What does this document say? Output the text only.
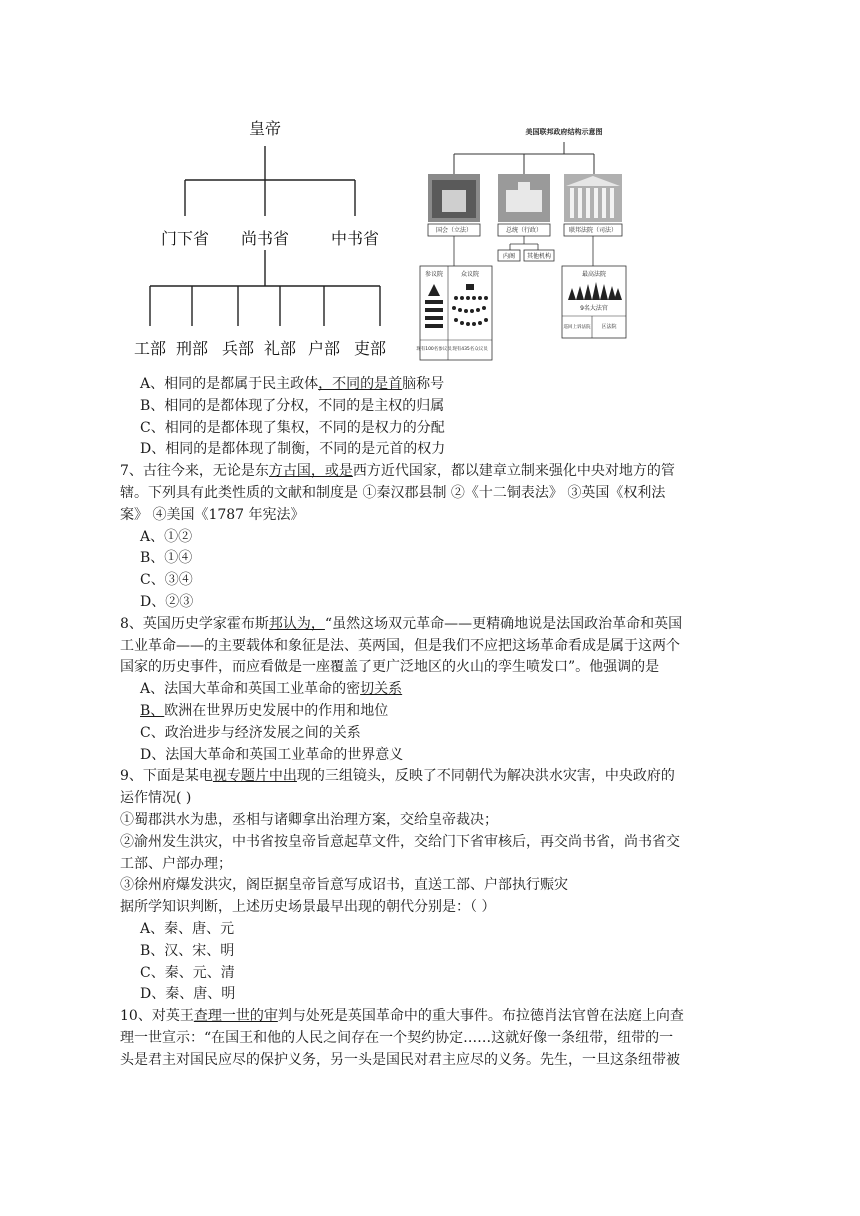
皇帝
门下省 尚书省	中书省
工部 刑部 兵部 礼部 户部 吏部
美国联邦政府结构示意图
国会（立法）	总统（行政）	联邦法院（司法）
内阁 其他机构
参议院	众议院
现有100名参议员 现有435名众议员
最高法院
9名大法官
巡回上诉法院 区法院
A、相同的是都属于民主政体，不同的是首脑称号
B、相同的是都体现了分权，不同的是主权的归属
C、相同的是都体现了集权，不同的是权力的分配
D、相同的是都体现了制衡，不同的是元首的权力
7、古往今来，无论是东方古国，或是西方近代国家，都以建章立制来强化中央对地方的管
辖。下列具有此类性质的文献和制度是 ①秦汉郡县制 ②《十二铜表法》 ③英国《权利法
案》 ④美国《1787 年宪法》
A、①②
B、①④
C、③④
D、②③
8、英国历史学家霍布斯邦认为，“虽然这场双元革命——更精确地说是法国政治革命和英国
工业革命——的主要载体和象征是法、英两国，但是我们不应把这场革命看成是属于这两个
国家的历史事件，而应看做是一座覆盖了更广泛地区的火山的孪生喷发口”。他强调的是
A、法国大革命和英国工业革命的密切关系
B、欧洲在世界历史发展中的作用和地位
C、政治进步与经济发展之间的关系
D、法国大革命和英国工业革命的世界意义
9、下面是某电视专题片中出现的三组镜头，反映了不同朝代为解决洪水灾害，中央政府的
运作情况( )
①蜀郡洪水为患，丞相与诸卿拿出治理方案，交给皇帝裁决；
②渝州发生洪灾，中书省按皇帝旨意起草文件，交给门下省审核后，再交尚书省，尚书省交
工部、户部办理；
③徐州府爆发洪灾，阁臣据皇帝旨意写成诏书，直送工部、户部执行赈灾
据所学知识判断，上述历史场景最早出现的朝代分别是：（ ）
A、秦、唐、元
B、汉、宋、明
C、秦、元、清
D、秦、唐、明
10、对英王查理一世的审判与处死是英国革命中的重大事件。布拉德肖法官曾在法庭上向查
理一世宣示：“在国王和他的人民之间存在一个契约协定……这就好像一条纽带，纽带的一
头是君主对国民应尽的保护义务，另一头是国民对君主应尽的义务。先生，一旦这条纽带被
